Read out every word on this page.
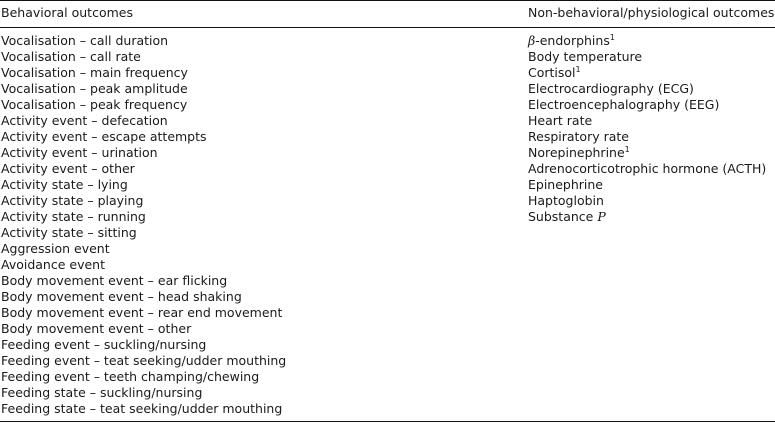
Behavioral outcomes	Non-behavioral/physiological outcomes
Vocalisation – call duration
Vocalisation – call rate
Vocalisation – main frequency
Vocalisation – peak amplitude
Vocalisation – peak frequency
Activity event – defecation
Activity event – escape attempts
Activity event – urination
Activity event – other
Activity state – lying
Activity state – playing
Activity state – running
Activity state – sitting
Aggression event
Avoidance event
Body movement event – ear flicking
Body movement event – head shaking
Body movement event – rear end movement
Body movement event – other
Feeding event – suckling/nursing
Feeding event – teat seeking/udder mouthing
Feeding event – teeth champing/chewing
Feeding state – suckling/nursing
Feeding state – teat seeking/udder mouthing
β-endorphins$^1$
Body temperature
Cortisol$^1$
Electrocardiography (ECG)
Electroencephalography (EEG)
Heart rate
Respiratory rate
Norepinephrine$^1$
Adrenocorticotrophic hormone (ACTH)
Epinephrine
Haptoglobin
Substance P
